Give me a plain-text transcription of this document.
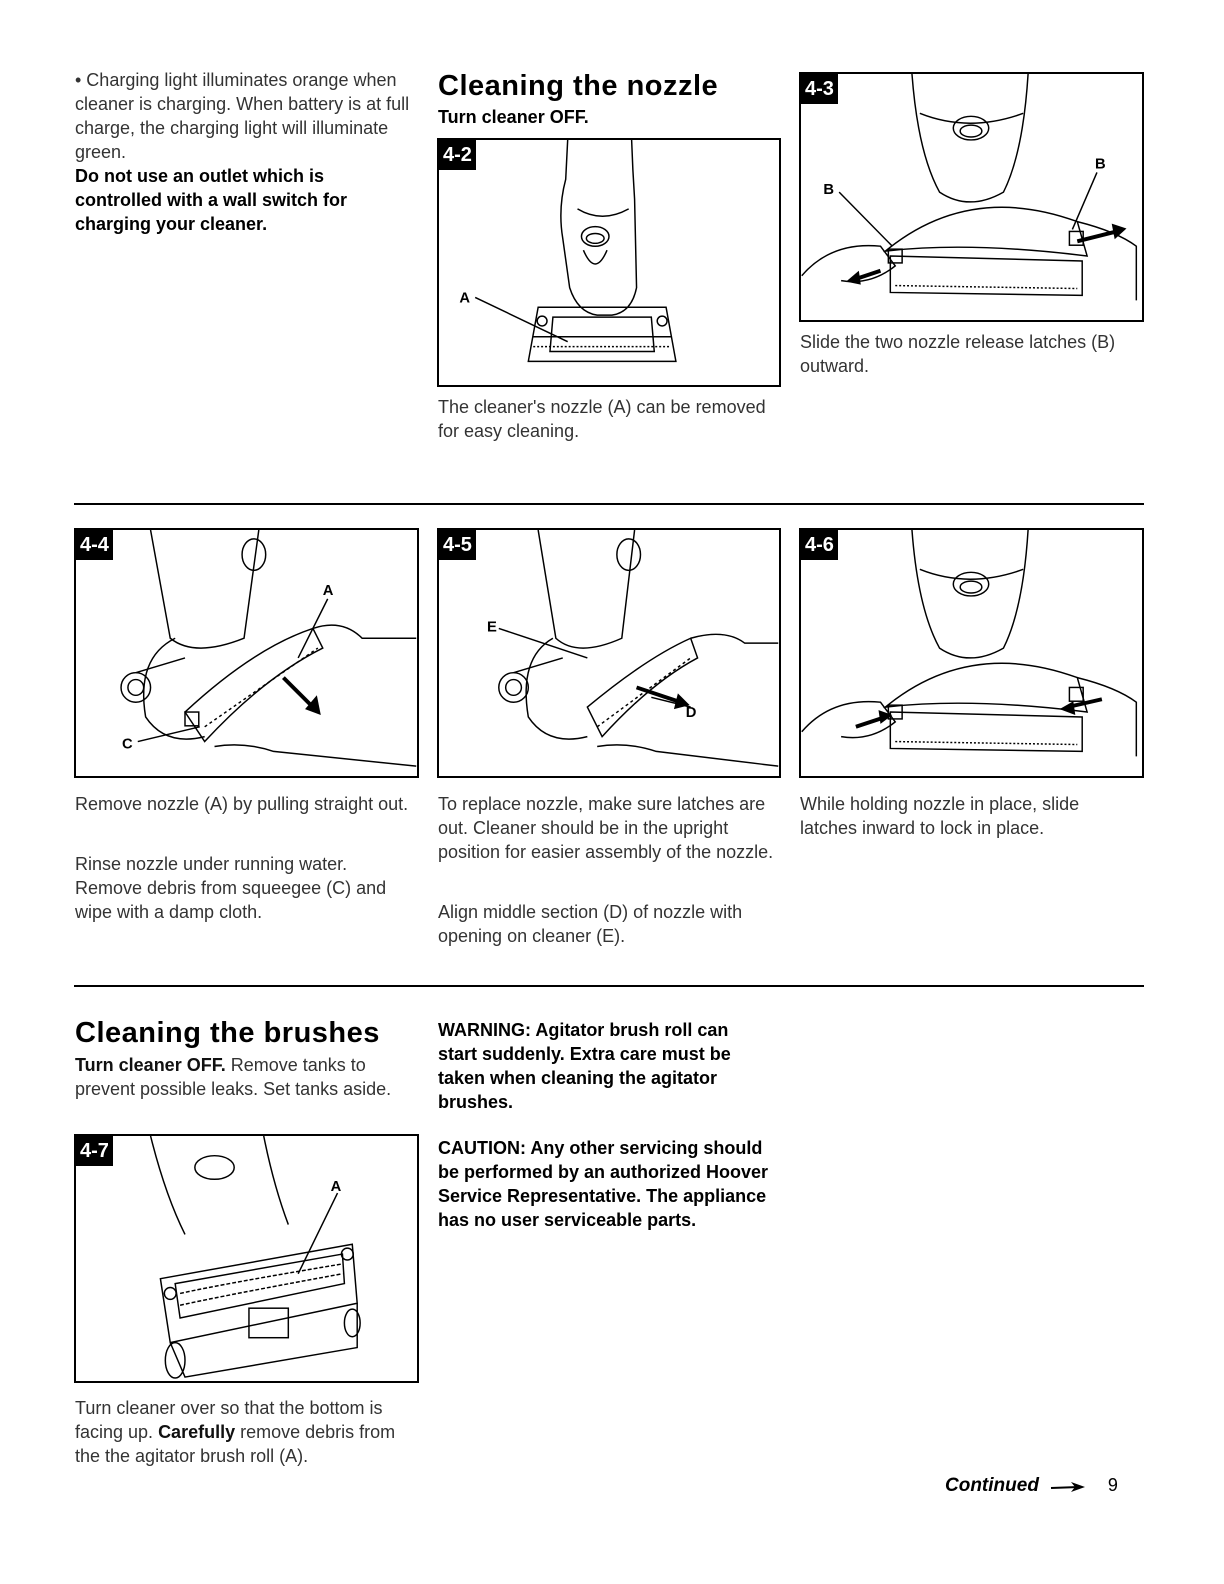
• Charging light illuminates orange when cleaner is charging. When battery is at full charge, the charging light will illuminate green.

Do not use an outlet which is controlled with a wall switch for charging your cleaner.

Cleaning the nozzle
Turn cleaner OFF.
4-2
A
The cleaner's nozzle (A) can be removed for easy cleaning.
4-3
B
B
Slide the two nozzle release latches (B) outward.
4-4
A
C
Remove nozzle (A) by pulling straight out.
Rinse nozzle under running water. Remove debris from squeegee (C) and wipe with a damp cloth.
4-5
E
D
To replace nozzle, make sure latches are out. Cleaner should be in the upright position for easier assembly of the nozzle.
Align middle section (D) of nozzle with opening on cleaner (E).
4-6
While holding nozzle in place, slide latches inward to lock in place.
Cleaning the brushes
Turn cleaner OFF. Remove tanks to prevent possible leaks. Set tanks aside.
4-7
A
Turn cleaner over so that the bottom is facing up. Carefully remove debris from the the agitator brush roll (A).
WARNING: Agitator brush roll can start suddenly. Extra care must be taken when cleaning the agitator brushes.
CAUTION: Any other servicing should be performed by an authorized Hoover Service Representative. The appliance has no user serviceable parts.
Continued	9
